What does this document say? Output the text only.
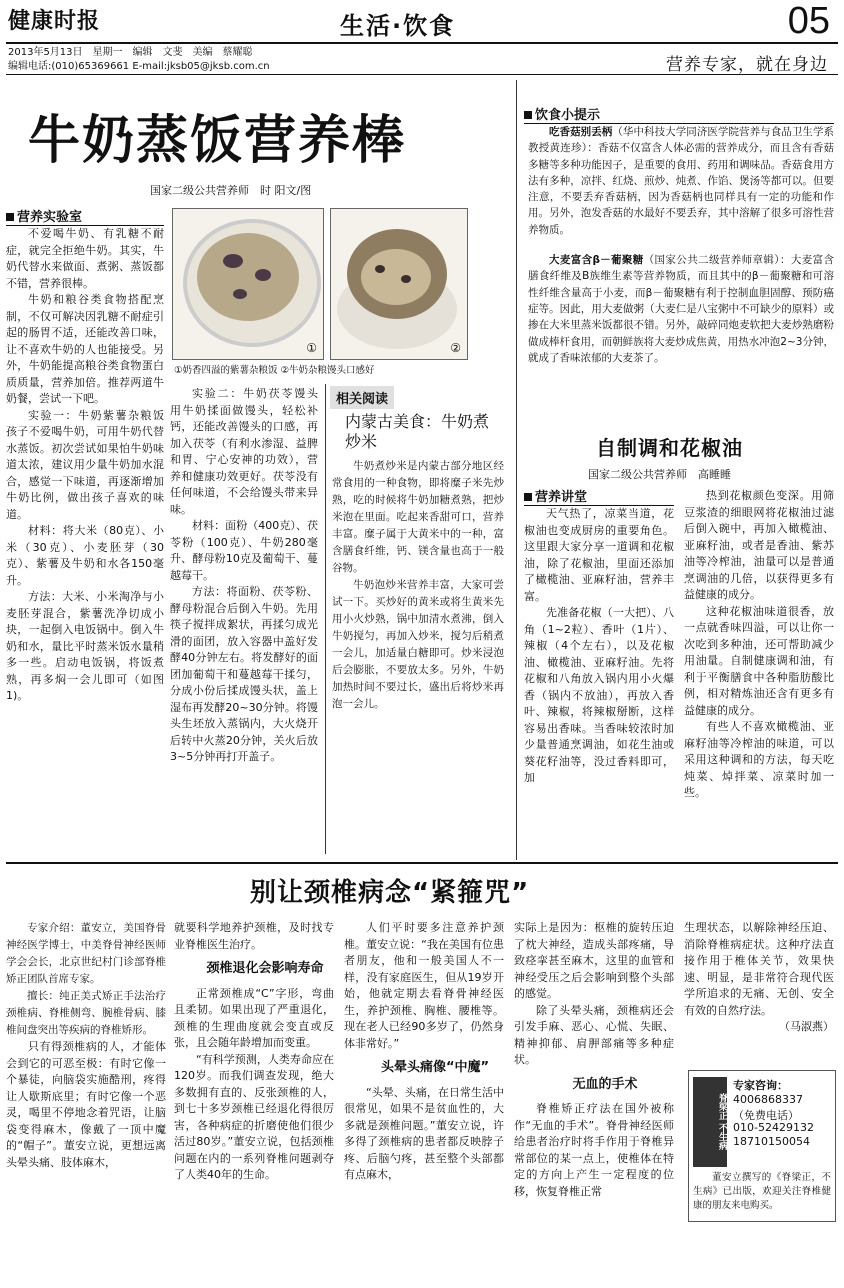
健康时报	生活·饮食	05
2013年5月13日　星期一　编辑　文斐　美编　蔡耀聪
编辑电话:(010)65369661 E-mail:jksb05@jksb.com.cn	营养专家，就在身边
牛奶蒸饭营养棒
国家二级公共营养师　时 阳文/图
营养实验室

不爱喝牛奶、有乳糖不耐症，就完全拒绝牛奶。其实，牛奶代替水来做面、煮粥、蒸饭都不错，营养很棒。

牛奶和粮谷类食物搭配烹制，不仅可解决因乳糖不耐症引起的肠胃不适，还能改善口味，让不喜欢牛奶的人也能接受。另外，牛奶能提高粮谷类食物蛋白质质量，营养加倍。推荐两道牛奶餐，尝试一下吧。

实验一：牛奶紫薯杂粮饭　孩子不爱喝牛奶，可用牛奶代替水蒸饭。初次尝试如果怕牛奶味道太浓，建议用少量牛奶加水混合，感觉一下味道，再逐渐增加牛奶比例，做出孩子喜欢的味道。

材料：将大米（80克）、小米（30克）、小麦胚芽（30克）、紫薯及牛奶和水各150毫升。

方法：大米、小米淘净与小麦胚芽混合，紫薯洗净切成小块，一起倒入电饭锅中。倒入牛奶和水，量比平时蒸米饭水量稍多一些。启动电饭锅，将饭煮熟，再多焖一会儿即可（如图1)。

①	②
①奶香四溢的紫薯杂粮饭 ②牛奶杂粮馒头口感好

实验二：牛奶茯苓馒头　用牛奶揉面做馒头，轻松补钙，还能改善馒头的口感，再加入茯苓（有利水渗湿、益脾和胃、宁心安神的功效），营养和健康功效更好。茯苓没有任何味道，不会给馒头带来异味。

材料：面粉（400克）、茯苓粉（100克）、牛奶280毫升、酵母粉10克及葡萄干、蔓越莓干。

方法：将面粉、茯苓粉、酵母粉混合后倒入牛奶。先用筷子搅拌成絮状，再揉匀成光滑的面团，放入容器中盖好发酵40分钟左右。将发酵好的面团加葡萄干和蔓越莓干揉匀，分成小份后揉成馒头状，盖上湿布再发酵20~30分钟。将馒头生坯放入蒸锅内，大火烧开后转中火蒸20分钟，关火后放3~5分钟再打开盖子。

相关阅读
内蒙古美食：牛奶煮炒米

牛奶煮炒米是内蒙古部分地区经常食用的一种食物，即将糜子米先炒熟，吃的时候将牛奶加糖煮熟，把炒米泡在里面。吃起来香甜可口，营养丰富。糜子属于大黄米中的一种，富含膳食纤维，钙、镁含量也高于一般谷物。

牛奶泡炒米营养丰富，大家可尝试一下。买炒好的黄米或将生黄米先用小火炒熟，锅中加清水煮沸，倒入牛奶搅匀，再加入炒米，搅匀后稍煮一会儿，加适量白糖即可。炒米浸泡后会膨胀，不要放太多。另外，牛奶加热时间不要过长，盛出后将炒米再泡一会儿。

饮食小提示

吃香菇别丢柄（华中科技大学同济医学院营养与食品卫生学系教授黄连珍）：香菇不仅富含人体必需的营养成分，而且含有香菇多糖等多种功能因子，是重要的食用、药用和调味品。香菇食用方法有多种，凉拌、红烧、煎炒、炖煮、作馅、煲汤等都可以。但要注意，不要丢弃香菇柄，因为香菇柄也同样具有一定的功能和作用。另外，泡发香菇的水最好不要丢弃，其中溶解了很多可溶性营养物质。

大麦富含β－葡聚糖（国家公共二级营养师章辑）：大麦富含膳食纤维及B族维生素等营养物质，而且其中的β－葡聚糖和可溶性纤维含量高于小麦，而β－葡聚糖有利于控制血胆固醇、预防癌症等。因此，用大麦做粥（大麦仁是八宝粥中不可缺少的原料）或掺在大米里蒸米饭都很不错。另外，敲碎同炮麦软把大麦炒熟磨粉做成棒杆食用，而朝鲜族将大麦炒成焦黄，用热水冲泡2~3分钟，就成了香味浓郁的大麦茶了。

自制调和花椒油
国家二级公共营养师　高睡睡
营养讲堂

天气热了，凉菜当道，花椒油也变成厨房的重要角色。这里跟大家分享一道调和花椒油，除了花椒油，里面还添加了橄榄油、亚麻籽油，营养丰富。

先准备花椒（一大把）、八角（1~2粒）、香叶（1片）、辣椒（4个左右），以及花椒油、橄榄油、亚麻籽油。先将花椒和八角放入锅内用小火爆香（锅内不放油），再放入香叶、辣椒，将辣椒掰断，这样容易出香味。当香味较浓时加少量普通烹调油，如花生油或葵花籽油等，没过香料即可，加

热到花椒颜色变深。用筛豆浆渣的细眼网将花椒油过滤后倒入碗中，再加入橄榄油、亚麻籽油，或者是香油、紫苏油等冷榨油，油量可以是普通烹调油的几倍，以获得更多有益健康的成分。

这种花椒油味道很香，放一点就香味四溢，可以让你一次吃到多种油，还可帮助减少用油量。自制健康调和油，有利于平衡膳食中各种脂肪酸比例，相对精炼油还含有更多有益健康的成分。

有些人不喜欢橄榄油、亚麻籽油等冷榨油的味道，可以采用这种调和的方法，每天吃炖菜、焯拌菜、凉菜时加一些。

别让颈椎病念“紧箍咒”

专家介绍：董安立，美国脊骨神经医学博士，中美脊骨神经医师学会会长，北京世纪村门诊部脊椎矫正团队首席专家。

擅长：纯正美式矫正手法治疗颈椎病、脊椎侧弯、腕椎骨病、膝椎间盘突出等疾病的脊椎矫形。

只有得颈椎病的人，才能体会到它的可恶至极：有时它像一个暴徒，向脑袋实施酷刑，疼得让人歇斯底里；有时它像一个恶灵，喝里不停地念着咒语，让脑袋变得麻木，像戴了一顶中魔的“帽子”。董安立说，更想远离头晕头痛、肢体麻木，

就要科学地养护颈椎，及时找专业脊椎医生治疗。

颈椎退化会影响寿命

正常颈椎成“C”字形，弯曲且柔韧。如果出现了严重退化，颈椎的生理曲度就会变直或反张，且会随年龄增加而变重。

“有科学预测，人类寿命应在120岁。而我们调查发现，绝大多数拥有直的、反张颈椎的人，到七十多岁颈椎已经退化得很厉害，各种病症的折磨使他们很少活过80岁。”董安立说，包括颈椎问题在内的一系列脊椎问题剥夺了人类40年的生命。

人们平时要多注意养护颈椎。董安立说：“我在美国有位患者朋友，他和一般美国人不一样，没有家庭医生，但从19岁开始，他就定期去看脊骨神经医生，养护颈椎、胸椎、腰椎等。现在老人已经90多岁了，仍然身体非常好。”

头晕头痛像“中魔”

“头晕、头痛，在日常生活中很常见，如果不是贫血性的，大多就是颈椎问题。”董安立说，许多得了颈椎病的患者都反映脖子疼、后脑勺疼，甚至整个头部都有点麻木，

实际上是因为：枢椎的旋转压迫了枕大神经，造成头部疼痛，导致痉挛甚至麻木，这里的血管和神经受压之后会影响到整个头部的感觉。

除了头晕头痛，颈椎病还会引发手麻、恶心、心慌、失眠、精神抑郁、肩胛部痛等多种症状。

无血的手术

脊椎矫正疗法在国外被称作“无血的手术”。脊骨神经医师给患者治疗时将手作用于脊椎异常部位的某一点上，使椎体在特定的方向上产生一定程度的位移，恢复脊椎正常

生理状态，以解除神经压迫、消除脊椎病症状。这种疗法直接作用于椎体关节，效果快速、明显，是非常符合现代医学所追求的无痛、无创、安全有效的自然疗法。

（马淑燕）
脊梁正 不生病
专家咨询：
4006868337
（免费电话）
010-52429132
18710150054
董安立撰写的《脊梁正，不生病》已出版，欢迎关注脊椎健康的朋友来电购买。
